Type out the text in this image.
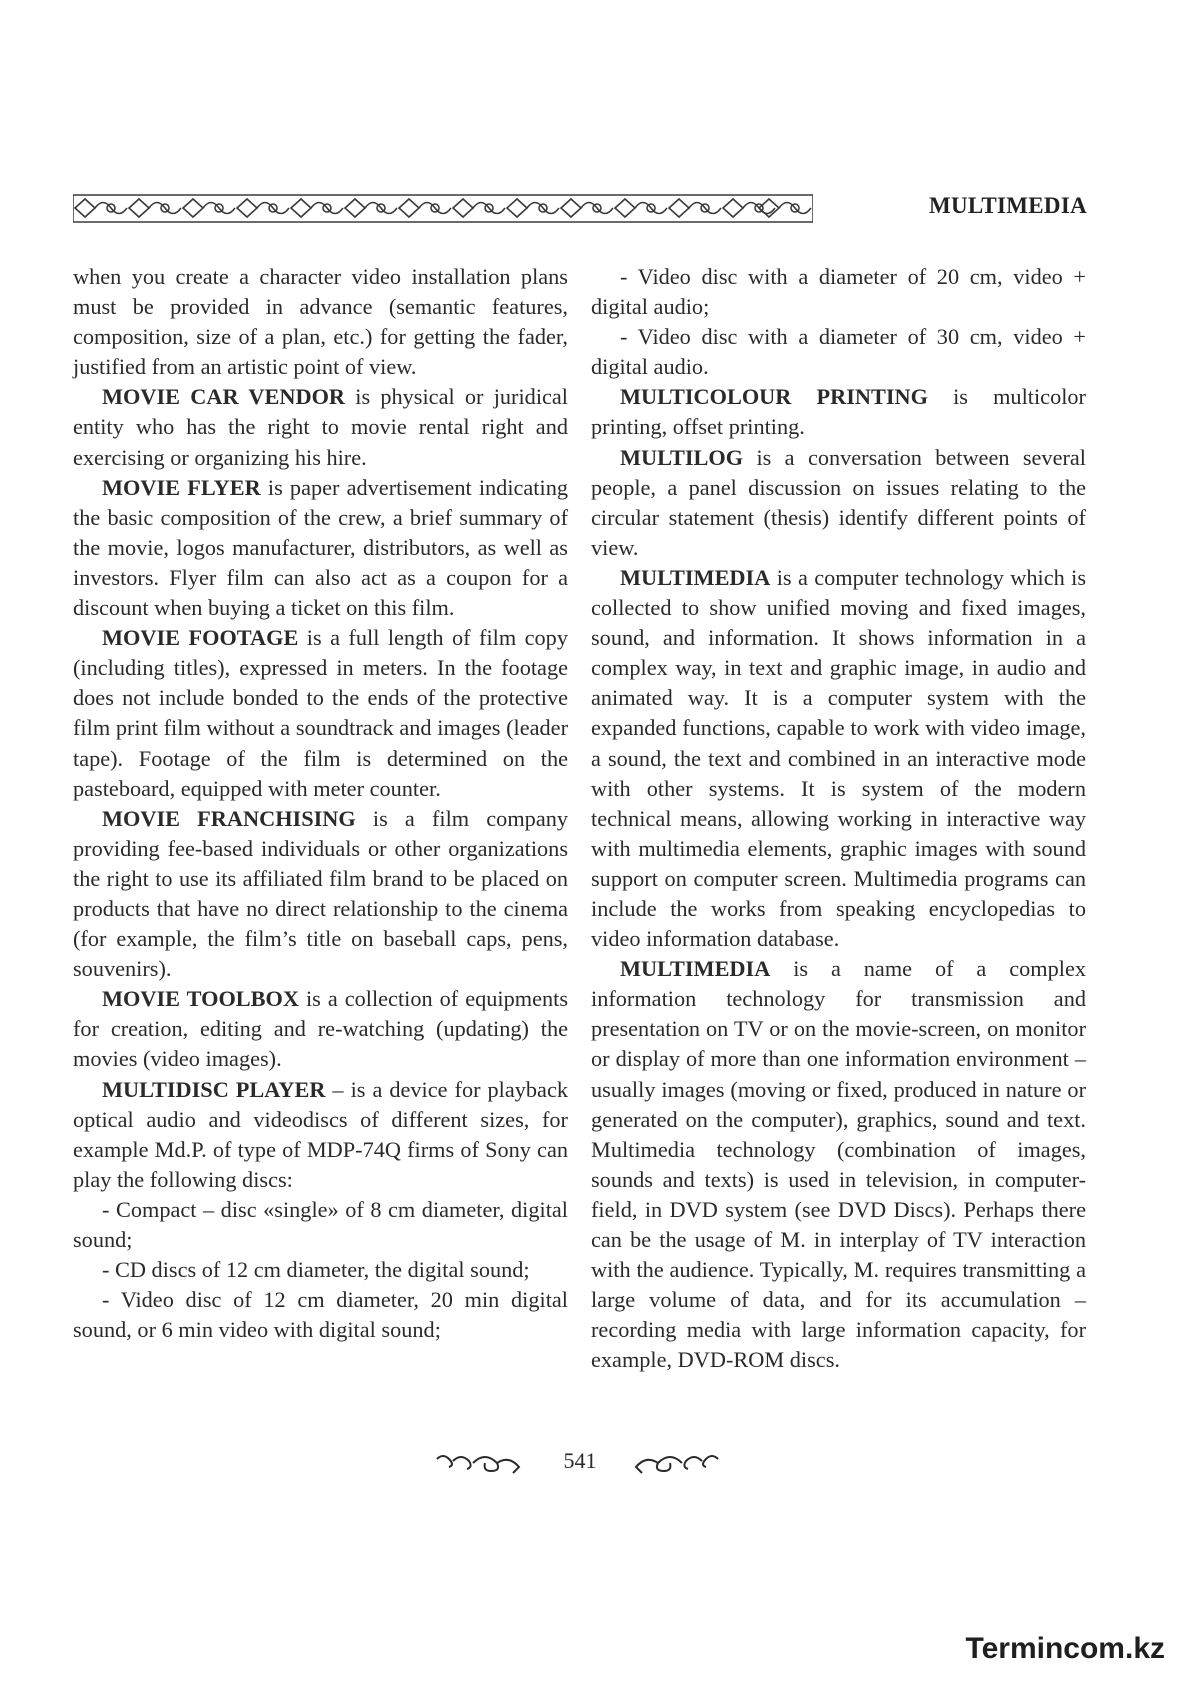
MULTIMEDIA

when you create a character video installation plans must be provided in advance (semantic features, composition, size of a plan, etc.) for getting the fader, justified from an artistic point of view.

MOVIE CAR VENDOR is physical or juridical entity who has the right to movie rental right and exercising or organizing his hire.

MOVIE FLYER is paper advertisement indicating the basic composition of the crew, a brief summary of the movie, logos manufacturer, distributors, as well as investors. Flyer film can also act as a coupon for a discount when buying a ticket on this film.

MOVIE FOOTAGE is a full length of film copy (including titles), expressed in meters. In the footage does not include bonded to the ends of the protective film print film without a soundtrack and images (leader tape). Footage of the film is determined on the pasteboard, equipped with meter counter.

MOVIE FRANCHISING is a film company providing fee-based individuals or other organizations the right to use its affiliated film brand to be placed on products that have no direct relationship to the cinema (for example, the film’s title on baseball caps, pens, souvenirs).

MOVIE TOOLBOX is a collection of equipments for creation, editing and re-watching (updating) the movies (video images).

MULTIDISC PLAYER – is a device for playback optical audio and videodiscs of different sizes, for example Md.P. of type of MDP-74Q firms of Sony can play the following discs:

- Compact – disc «single» of 8 cm diameter, digital sound;

- CD discs of 12 cm diameter, the digital sound;

- Video disc of 12 cm diameter, 20 min digital sound, or 6 min video with digital sound;

- Video disc with a diameter of 20 cm, video + digital audio;

- Video disc with a diameter of 30 cm, video + digital audio.

MULTICOLOUR PRINTING is multicolor printing, offset printing.

MULTILOG is a conversation between several people, a panel discussion on issues relating to the circular statement (thesis) identify different points of view.

MULTIMEDIA is a computer technology which is collected to show unified moving and fixed images, sound, and information. It shows information in a complex way, in text and graphic image, in audio and animated way. It is a computer system with the expanded functions, capable to work with video image, a sound, the text and combined in an interactive mode with other systems. It is system of the modern technical means, allowing working in interactive way with multimedia elements, graphic images with sound support on computer screen. Multimedia programs can include the works from speaking encyclopedias to video information database.

MULTIMEDIA is a name of a complex information technology for transmission and presentation on TV or on the movie-screen, on monitor or display of more than one information environment – usually images (moving or fixed, produced in nature or generated on the computer), graphics, sound and text. Multimedia technology (combination of images, sounds and texts) is used in television, in computer-field, in DVD system (see DVD Discs). Perhaps there can be the usage of M. in interplay of TV interaction with the audience. Typically, M. requires transmitting a large volume of data, and for its accumulation – recording media with large information capacity, for example, DVD-ROM discs.

541
Termincom.kz
